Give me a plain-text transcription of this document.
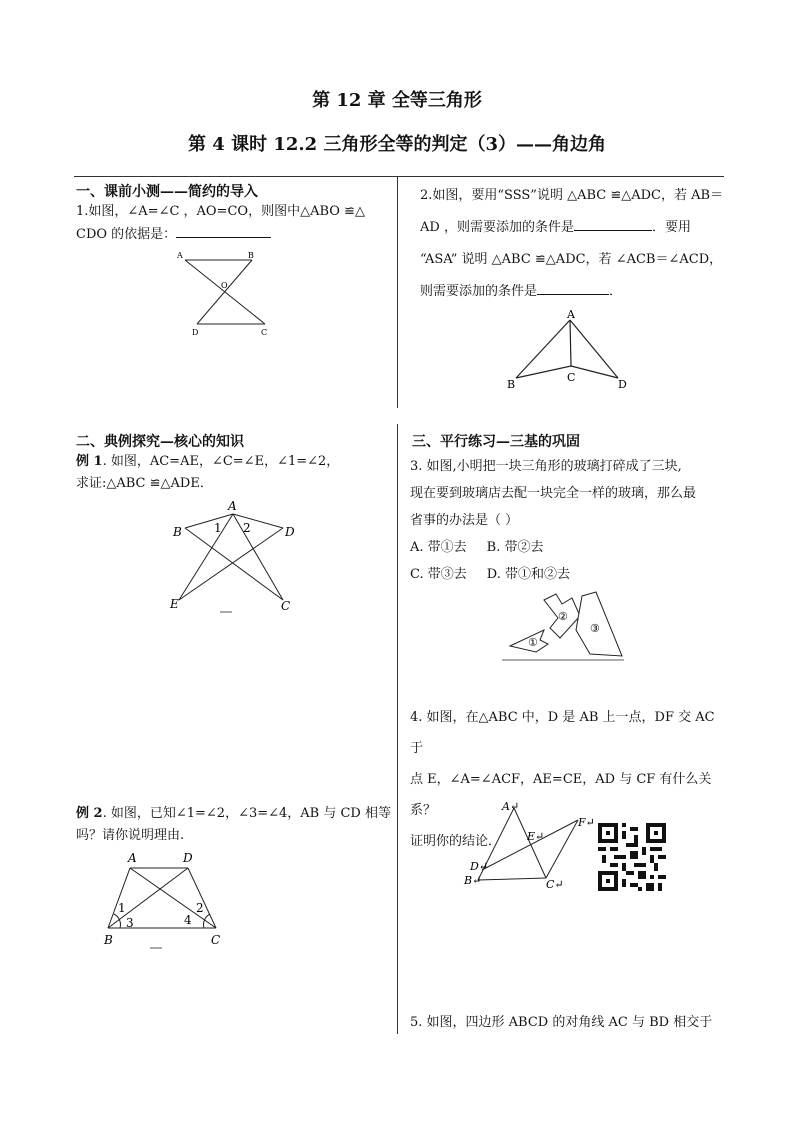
第 12 章 全等三角形
第 4 课时 12.2 三角形全等的判定（3）——角边角
一、课前小测——简约的导入
1.如图，∠A=∠C ，AO=CO，则图中△ABO ≌△
CDO 的依据是：
A	B
O
D	C
2.如图，要用“SSS”说明 △ABC ≌△ADC，若 AB＝
AD ，则需要添加的条件是	．要用
“ASA” 说明 △ABC ≌△ADC，若 ∠ACB＝∠ACD，
则需要添加的条件是	．
A
B
C
D
二、典例探究—核心的知识
例 1. 如图，AC=AE，∠C=∠E，∠1=∠2，
求证:△ABC ≌△ADE．
A
B	D
E	C
1 2
例 2. 如图，已知∠1=∠2，∠3=∠4，AB 与 CD 相等
吗？请你说明理由.
A	D
B	C
1	2
3	4
三、平行练习—三基的巩固
3. 如图,小明把一块三角形的玻璃打碎成了三块,
现在要到玻璃店去配一块完全一样的玻璃，那么最
省事的办法是（ ）
A. 带①去 B. 带②去
C. 带③去 D. 带①和②去
①
②
③
4. 如图，在△ABC 中，D 是 AB 上一点，DF 交 AC 于
点 E，∠A=∠ACF，AE=CE，AD 与 CF 有什么关系？
证明你的结论．
A↵
E↵
F↵
D↵
B↵	C↵
5. 如图，四边形 ABCD 的对角线 AC 与 BD 相交于
